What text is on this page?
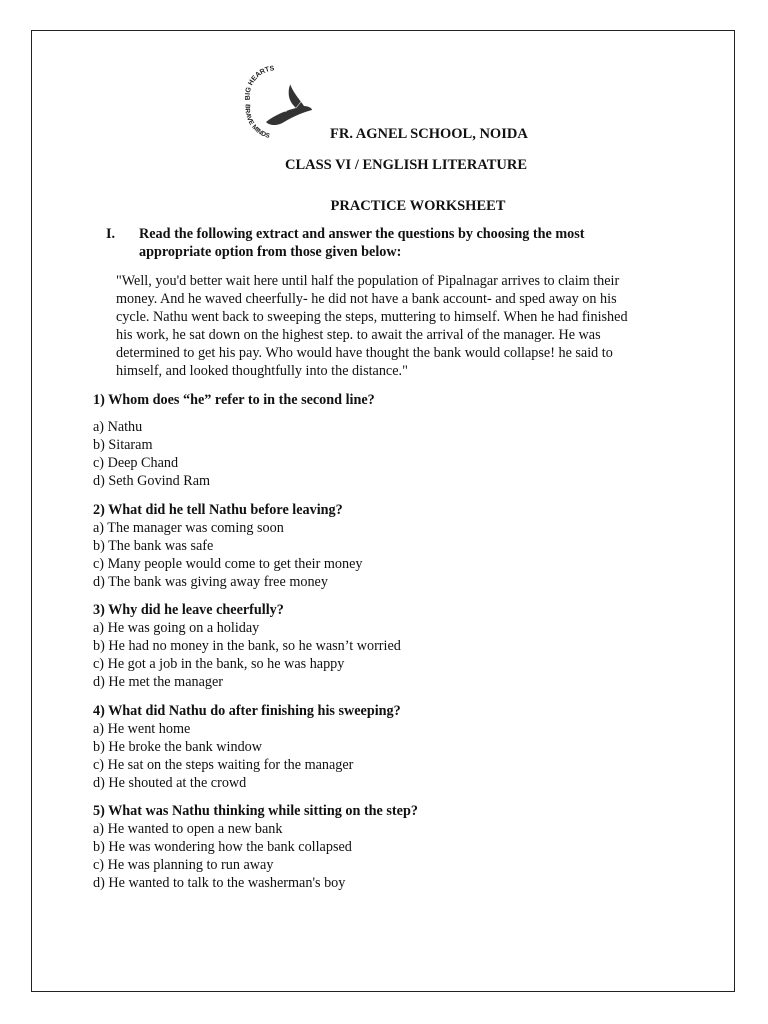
BIG HEARTS
BRAVE MINDS	FR. AGNEL SCHOOL, NOIDA
CLASS VI / ENGLISH LITERATURE
PRACTICE WORKSHEET
I. Read the following extract and answer the questions by choosing the most
appropriate option from those given below:
"Well, you'd better wait here until half the population of Pipalnagar arrives to claim their
money. And he waved cheerfully- he did not have a bank account- and sped away on his
cycle. Nathu went back to sweeping the steps, muttering to himself. When he had finished
his work, he sat down on the highest step. to await the arrival of the manager. He was
determined to get his pay. Who would have thought the bank would collapse! he said to
himself, and looked thoughtfully into the distance."
1) Whom does “he” refer to in the second line?
a) Nathu
b) Sitaram
c) Deep Chand
d) Seth Govind Ram
2) What did he tell Nathu before leaving?
a) The manager was coming soon
b) The bank was safe
c) Many people would come to get their money
d) The bank was giving away free money
3) Why did he leave cheerfully?
a) He was going on a holiday
b) He had no money in the bank, so he wasn’t worried
c) He got a job in the bank, so he was happy
d) He met the manager
4) What did Nathu do after finishing his sweeping?
a) He went home
b) He broke the bank window
c) He sat on the steps waiting for the manager
d) He shouted at the crowd
5) What was Nathu thinking while sitting on the step?
a) He wanted to open a new bank
b) He was wondering how the bank collapsed
c) He was planning to run away
d) He wanted to talk to the washerman's boy
